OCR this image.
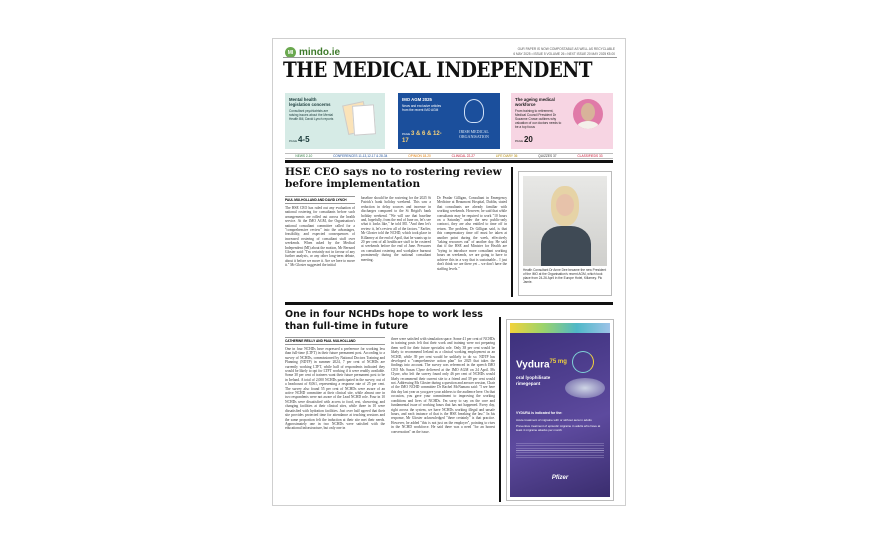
MI mindo.ie	OUR PAPER IS NOW COMPOSTABLE AS WELL AS RECYCLABLE
6 MAY 2025 • ISSUE 5 VOLUME 26 • NEXT ISSUE 20 MAY 2025 €5.00
THE MEDICAL INDEPENDENT
Mental health legislation concerns
Consultant psychiatrists are raising issues about the Mental Health Bill, David Lynch reports
PAGE 4-5
IMO AGM 2025
News and exclusive articles from the recent IMO AGM
PAGE 3 & 6 & 12-17
IRISH MEDICAL ORGANISATION
The ageing medical workforce
From training to retirement, Medical Council President Dr Suzanne Crowe outlines why valuation of our doctors needs to be a top focus
PAGE 20
NEWS 2-10	CONFERENCES 11-13,12-17 & 28-34	OPINION 18-20	CLINICAL 22-27	LIFE DIARY 36	QUIZZES 37	CLASSIFIEDS 33
HSE CEO says no to rostering review before implementation
PAUL MULHOLLAND AND DAVID LYNCH
The HSE CEO has ruled out any evaluation of national rostering for consultants before such arrangements are rolled out across the health service. At the IMO AGM, the Organisation's national consultant committee called for a "comprehensive review" into the advantages, feasibility, and expected consequences of increased rostering of consultant staff over weekends. When asked by the Medical Independent (MI) about the motion, Mr Bernard Gloster said: "I'm certainly not in favour of any further analysis, or any other long-term debate, about it before we move it. Are we here to move it." Mr Gloster suggested the initial
baseline should be the rostering for the 2025 St Patrick's bank holiday weekend. This saw a reduction in delay sources and increase in discharges compared to the St Brigid's bank holiday weekend. "We will use that baseline and, hopefully, from the end of June on, let's see what it looks like," he told MI. "And then let's review it, let's review all of the factors." Earlier, Mr Gloster told the NCHD, which took place in Killarney at the end of April, that he wants up to 20 per cent of all healthcare staff to be rostered at weekends before the end of June. Pressures on consultant rostering and workplace burnout prominently during the national consultant meeting.
Dr Peadar Gilligan, Consultant in Emergency Medicine at Beaumont Hospital, Dublin, stated that consultants are already familiar with working weekends. However, he said that while consultants may be required to work "10 hours on a Saturday" under the new public-only contract, they are also entitled to time off in return. The problem, Dr Gilligan said, is that this compensatory time off must be taken at another point during the week, effectively "taking resources out" of another day. He said that if the HSE and Minister for Health are "trying to introduce more consultant working hours on weekends, we are going to have to achieve this in a way that is sustainable... I just don't think we are there yet – we don't have the staffing levels."	Health Consultant Dr Anne Dee became the new President of the IMO at the Organisation's recent AGM, which took place from 24-26 April in the Europe Hotel, Killarney. Pic Jamie.
One in four NCHDs hope to work less than full-time in future
CATHERINE REILLY AND PAUL MULHOLLAND
One in four NCHDs have expressed a preference for working less than full-time (LTFT) in their future permanent post. According to a survey of NCHDs, commissioned by National Doctors Training and Planning (NDTP) in summer 2024, 7 per cent of NCHDs are currently working LTFT, while half of respondents indicated they would be likely to opt for LTFT working if it were readily available. Some 30 per cent of trainees want their future permanent post to be in Ireland. A total of 2,000 NCHDs participated in the survey, out of a headcount of 8,061, representing a response rate of 25 per cent. The survey also found 55 per cent of NCHDs were aware of an active NCHD committee at their clinical site, while almost one in two respondents were not aware of the Lead NCHD role. Four in 10 NCHDs were dissatisfied with access to food, rest, showering, and changing facilities at their clinical sites, while three in 10 were dissatisfied with hydration facilities. Just over half agreed that their site provides protected time for attendance at teaching sessions and the same proportion felt the induction at their site met their needs. Approximately one in two NCHDs were satisfied with the educational infrastructure, but only one in
three were satisfied with simulation space. Some 41 per cent of NCHDs in training posts felt that their work and training were not preparing them well for their future specialist role. Only 38 per cent would be likely to recommend Ireland as a clinical working employment as an NCHD, while 39 per cent would be unlikely to do so. NDTP has developed a "comprehensive action plan" for 2025 that takes the findings into account. The survey was referenced in the speech IMO CEO Ms Susan Clyne delivered at the IMO AGM on 24 April. Ms Clyne, who left the survey found only 46 per cent of NCHDs would likely recommend their current site to a friend and 39 per cent would not. Addressing Ms Gloster during a question and answer session, Chair of the IMO NCHD committee Dr Rachel McNamara said: "I see here this day last year as you gave your address to the audience here. On that occasion, you gave your commitment to improving the working conditions and lives of NCHDs. I'm sorry to say on the core and fundamental issue of working hours that has not happened. Every day, right across the system, we have NCHDs working illegal and unsafe hours, and each instance of that is the HSE breaking the law." In his response, Mr Gloster acknowledged "there certainly" is that practice. However, he added "this is not just on the employer", pointing to rises in the NCHD workforce. He said there was a need "for an honest conversation" on the issue.
Vydura$^{75 mg}$
oral lyophilisate rimegepant
VYDURA is indicated for the:
Acute treatment of migraine with or without aura in adults
Preventive treatment of episodic migraine in adults who have at least 4 migraine attacks per month
Pfizer
